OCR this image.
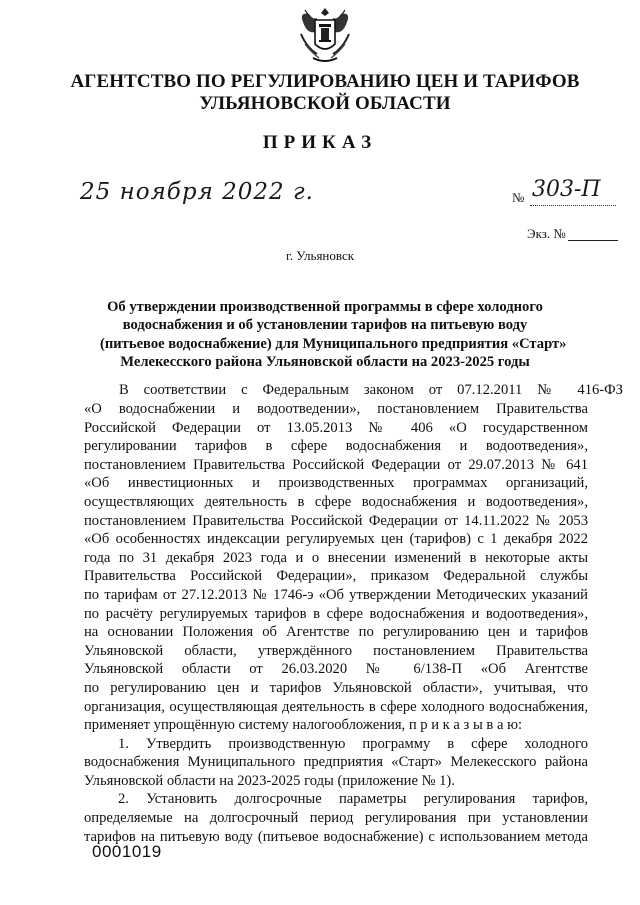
АГЕНТСТВО ПО РЕГУЛИРОВАНИЮ ЦЕН И ТАРИФОВ
УЛЬЯНОВСКОЙ ОБЛАСТИ
ПРИКАЗ
25 ноября 2022 г.	№ 303-П
Экз. №
г. Ульяновск
Об утверждении производственной программы в сфере холодного
водоснабжения и об установлении тарифов на питьевую воду
(питьевое водоснабжение) для Муниципального предприятия «Старт»
Мелекесского района Ульяновской области на 2023-2025 годы
В соответствии с Федеральным законом от 07.12.2011 № 416-ФЗ
«О водоснабжении и водоотведении», постановлением Правительства
Российской Федерации от 13.05.2013 № 406 «О государственном
регулировании тарифов в сфере водоснабжения и водоотведения»,
постановлением Правительства Российской Федерации от 29.07.2013 № 641
«Об инвестиционных и производственных программах организаций,
осуществляющих деятельность в сфере водоснабжения и водоотведения»,
постановлением Правительства Российской Федерации от 14.11.2022 № 2053
«Об особенностях индексации регулируемых цен (тарифов) с 1 декабря 2022
года по 31 декабря 2023 года и о внесении изменений в некоторые акты
Правительства Российской Федерации», приказом Федеральной службы
по тарифам от 27.12.2013 № 1746-э «Об утверждении Методических указаний
по расчёту регулируемых тарифов в сфере водоснабжения и водоотведения»,
на основании Положения об Агентстве по регулированию цен и тарифов
Ульяновской области, утверждённого постановлением Правительства
Ульяновской области от 26.03.2020 № 6/138-П «Об Агентстве
по регулированию цен и тарифов Ульяновской области», учитывая, что
организация, осуществляющая деятельность в сфере холодного водоснабжения,
применяет упрощённую систему налогообложения, п р и к а з ы в а ю:
1. Утвердить производственную программу в сфере холодного
водоснабжения Муниципального предприятия «Старт» Мелекесского района
Ульяновской области на 2023-2025 годы (приложение № 1).
2. Установить долгосрочные параметры регулирования тарифов,
определяемые на долгосрочный период регулирования при установлении
тарифов на питьевую воду (питьевое водоснабжение) с использованием метода
0001019
